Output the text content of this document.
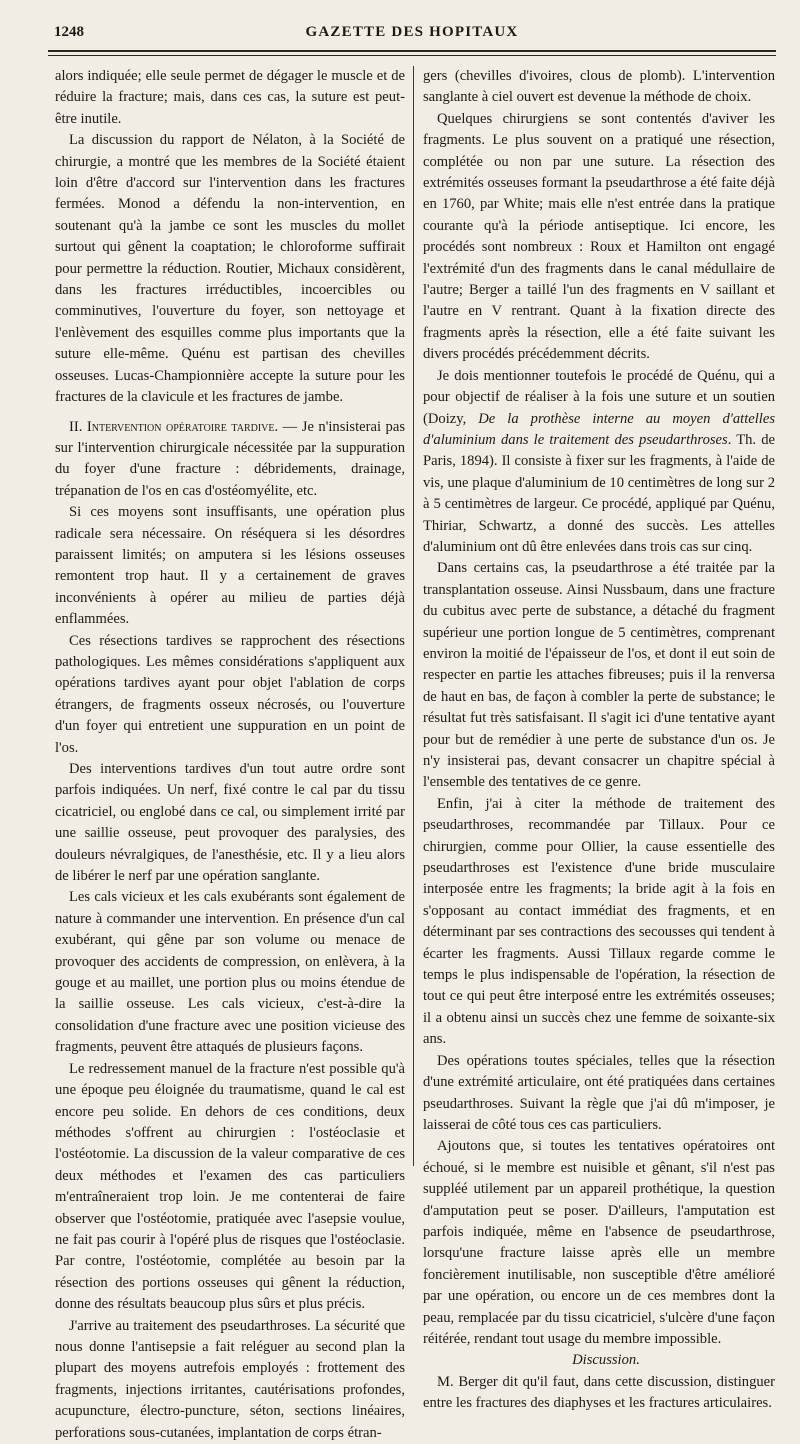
1248	GAZETTE DES HOPITAUX

alors indiquée; elle seule permet de dégager le muscle et de réduire la fracture; mais, dans ces cas, la suture est peut-être inutile.

La discussion du rapport de Nélaton, à la Société de chirurgie, a montré que les membres de la Société étaient loin d'être d'accord sur l'intervention dans les fractures fermées. Monod a défendu la non-intervention, en soutenant qu'à la jambe ce sont les muscles du mollet surtout qui gênent la coaptation; le chloroforme suffirait pour permettre la réduction. Routier, Michaux considèrent, dans les fractures irréductibles, incoercibles ou comminutives, l'ouverture du foyer, son nettoyage et l'enlèvement des esquilles comme plus importants que la suture elle-même. Quénu est partisan des chevilles osseuses. Lucas-Championnière accepte la suture pour les fractures de la clavicule et les fractures de jambe.

II. Intervention opératoire tardive. — Je n'insisterai pas sur l'intervention chirurgicale nécessitée par la suppuration du foyer d'une fracture : débridements, drainage, trépanation de l'os en cas d'ostéomyélite, etc.

Si ces moyens sont insuffisants, une opération plus radicale sera nécessaire. On réséquera si les désordres paraissent limités; on amputera si les lésions osseuses remontent trop haut. Il y a certainement de graves inconvénients à opérer au milieu de parties déjà enflammées.

Ces résections tardives se rapprochent des résections pathologiques. Les mêmes considérations s'appliquent aux opérations tardives ayant pour objet l'ablation de corps étrangers, de fragments osseux nécrosés, ou l'ouverture d'un foyer qui entretient une suppuration en un point de l'os.

Des interventions tardives d'un tout autre ordre sont parfois indiquées. Un nerf, fixé contre le cal par du tissu cicatriciel, ou englobé dans ce cal, ou simplement irrité par une saillie osseuse, peut provoquer des paralysies, des douleurs névralgiques, de l'anesthésie, etc. Il y a lieu alors de libérer le nerf par une opération sanglante.

Les cals vicieux et les cals exubérants sont également de nature à commander une intervention. En présence d'un cal exubérant, qui gêne par son volume ou menace de provoquer des accidents de compression, on enlèvera, à la gouge et au maillet, une portion plus ou moins étendue de la saillie osseuse. Les cals vicieux, c'est-à-dire la consolidation d'une fracture avec une position vicieuse des fragments, peuvent être attaqués de plusieurs façons.

Le redressement manuel de la fracture n'est possible qu'à une époque peu éloignée du traumatisme, quand le cal est encore peu solide. En dehors de ces conditions, deux méthodes s'offrent au chirurgien : l'ostéoclasie et l'ostéotomie. La discussion de la valeur comparative de ces deux méthodes et l'examen des cas particuliers m'entraîneraient trop loin. Je me contenterai de faire observer que l'ostéotomie, pratiquée avec l'asepsie voulue, ne fait pas courir à l'opéré plus de risques que l'ostéoclasie. Par contre, l'ostéotomie, complétée au besoin par la résection des portions osseuses qui gênent la réduction, donne des résultats beaucoup plus sûrs et plus précis.

J'arrive au traitement des pseudarthroses. La sécurité que nous donne l'antisepsie a fait reléguer au second plan la plupart des moyens autrefois employés : frottement des fragments, injections irritantes, cautérisations profondes, acupuncture, électro-puncture, séton, sections linéaires, perforations sous-cutanées, implantation de corps étran-

gers (chevilles d'ivoires, clous de plomb). L'intervention sanglante à ciel ouvert est devenue la méthode de choix.

Quelques chirurgiens se sont contentés d'aviver les fragments. Le plus souvent on a pratiqué une résection, complétée ou non par une suture. La résection des extrémités osseuses formant la pseudarthrose a été faite déjà en 1760, par White; mais elle n'est entrée dans la pratique courante qu'à la période antiseptique. Ici encore, les procédés sont nombreux : Roux et Hamilton ont engagé l'extrémité d'un des fragments dans le canal médullaire de l'autre; Berger a taillé l'un des fragments en V saillant et l'autre en V rentrant. Quant à la fixation directe des fragments après la résection, elle a été faite suivant les divers procédés précédemment décrits.

Je dois mentionner toutefois le procédé de Quénu, qui a pour objectif de réaliser à la fois une suture et un soutien (Doizy, De la prothèse interne au moyen d'attelles d'aluminium dans le traitement des pseudarthroses. Th. de Paris, 1894). Il consiste à fixer sur les fragments, à l'aide de vis, une plaque d'aluminium de 10 centimètres de long sur 2 à 5 centimètres de largeur. Ce procédé, appliqué par Quénu, Thiriar, Schwartz, a donné des succès. Les attelles d'aluminium ont dû être enlevées dans trois cas sur cinq.

Dans certains cas, la pseudarthrose a été traitée par la transplantation osseuse. Ainsi Nussbaum, dans une fracture du cubitus avec perte de substance, a détaché du fragment supérieur une portion longue de 5 centimètres, comprenant environ la moitié de l'épaisseur de l'os, et dont il eut soin de respecter en partie les attaches fibreuses; puis il la renversa de haut en bas, de façon à combler la perte de substance; le résultat fut très satisfaisant. Il s'agit ici d'une tentative ayant pour but de remédier à une perte de substance d'un os. Je n'y insisterai pas, devant consacrer un chapitre spécial à l'ensemble des tentatives de ce genre.

Enfin, j'ai à citer la méthode de traitement des pseudarthroses, recommandée par Tillaux. Pour ce chirurgien, comme pour Ollier, la cause essentielle des pseudarthroses est l'existence d'une bride musculaire interposée entre les fragments; la bride agit à la fois en s'opposant au contact immédiat des fragments, et en déterminant par ses contractions des secousses qui tendent à écarter les fragments. Aussi Tillaux regarde comme le temps le plus indispensable de l'opération, la résection de tout ce qui peut être interposé entre les extrémités osseuses; il a obtenu ainsi un succès chez une femme de soixante-six ans.

Des opérations toutes spéciales, telles que la résection d'une extrémité articulaire, ont été pratiquées dans certaines pseudarthroses. Suivant la règle que j'ai dû m'imposer, je laisserai de côté tous ces cas particuliers.

Ajoutons que, si toutes les tentatives opératoires ont échoué, si le membre est nuisible et gênant, s'il n'est pas suppléé utilement par un appareil prothétique, la question d'amputation peut se poser. D'ailleurs, l'amputation est parfois indiquée, même en l'absence de pseudarthrose, lorsqu'une fracture laisse après elle un membre foncièrement inutilisable, non susceptible d'être amélioré par une opération, ou encore un de ces membres dont la peau, remplacée par du tissu cicatriciel, s'ulcère d'une façon réitérée, rendant tout usage du membre impossible.

Discussion.

M. Berger dit qu'il faut, dans cette discussion, distinguer entre les fractures des diaphyses et les fractures articulaires.
